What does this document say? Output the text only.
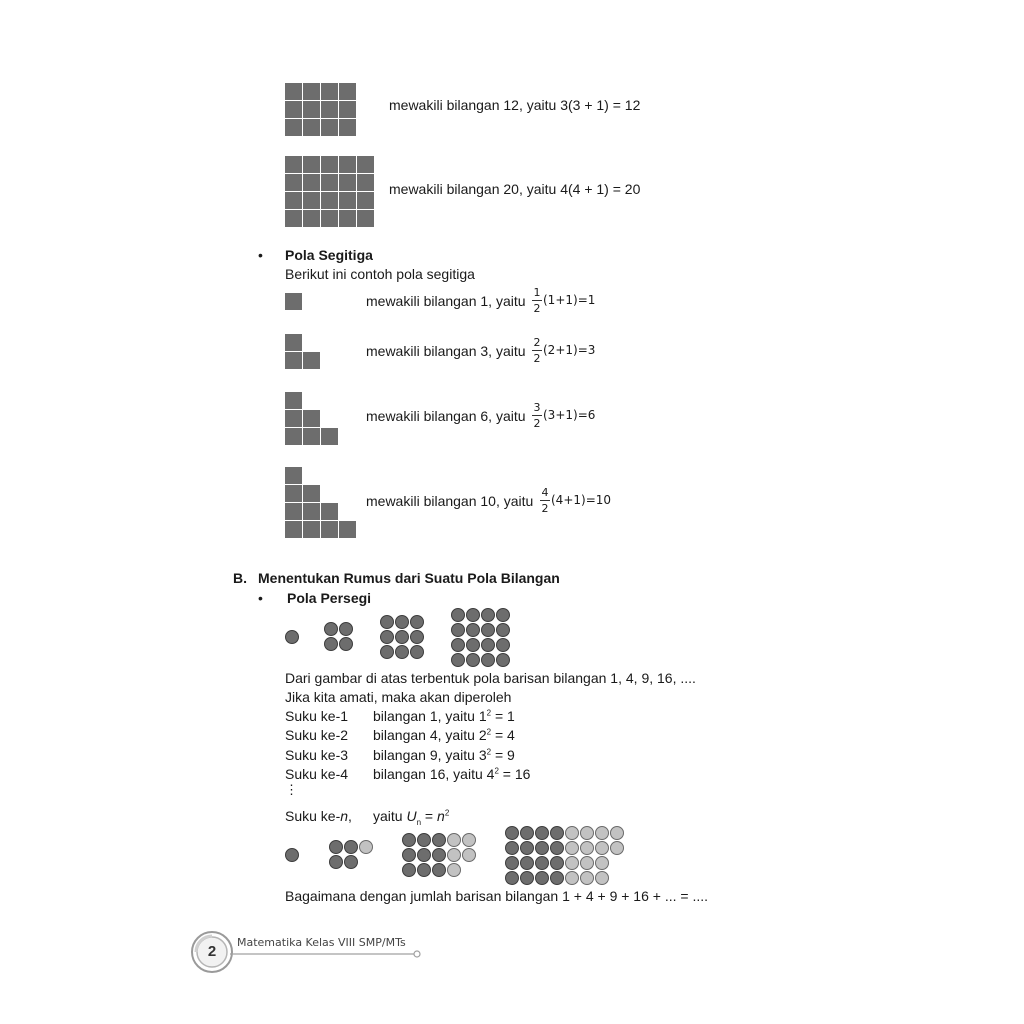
mewakili bilangan 12, yaitu 3(3 + 1) = 12
mewakili bilangan 20, yaitu 4(4 + 1) = 20
• Pola Segitiga
Berikut ini contoh pola segitiga
mewakili bilangan 1, yaitu
1
2
(1+1)=1
mewakili bilangan 3, yaitu
2
2
(2+1)=3
mewakili bilangan 6, yaitu
3
2
(3+1)=6
mewakili bilangan 10, yaitu
4
2
(4+1)=10
B. Menentukan Rumus dari Suatu Pola Bilangan
• Pola Persegi
Dari gambar di atas terbentuk pola barisan bilangan 1, 4, 9, 16, ....
Jika kita amati, maka akan diperoleh
Suku ke-1 bilangan 1, yaitu $1^2 = 1$
Suku ke-2 bilangan 4, yaitu $2^2 = 4$
Suku ke-3 bilangan 9, yaitu $3^2 = 9$
Suku ke-4 bilangan 16, yaitu $4^2 = 16$
⋮
Suku ke-n, yaitu $U_n = n^2$
Bagaimana dengan jumlah barisan bilangan 1 + 4 + 9 + 16 + ... = ....
2
Matematika Kelas VIII SMP/MTs
